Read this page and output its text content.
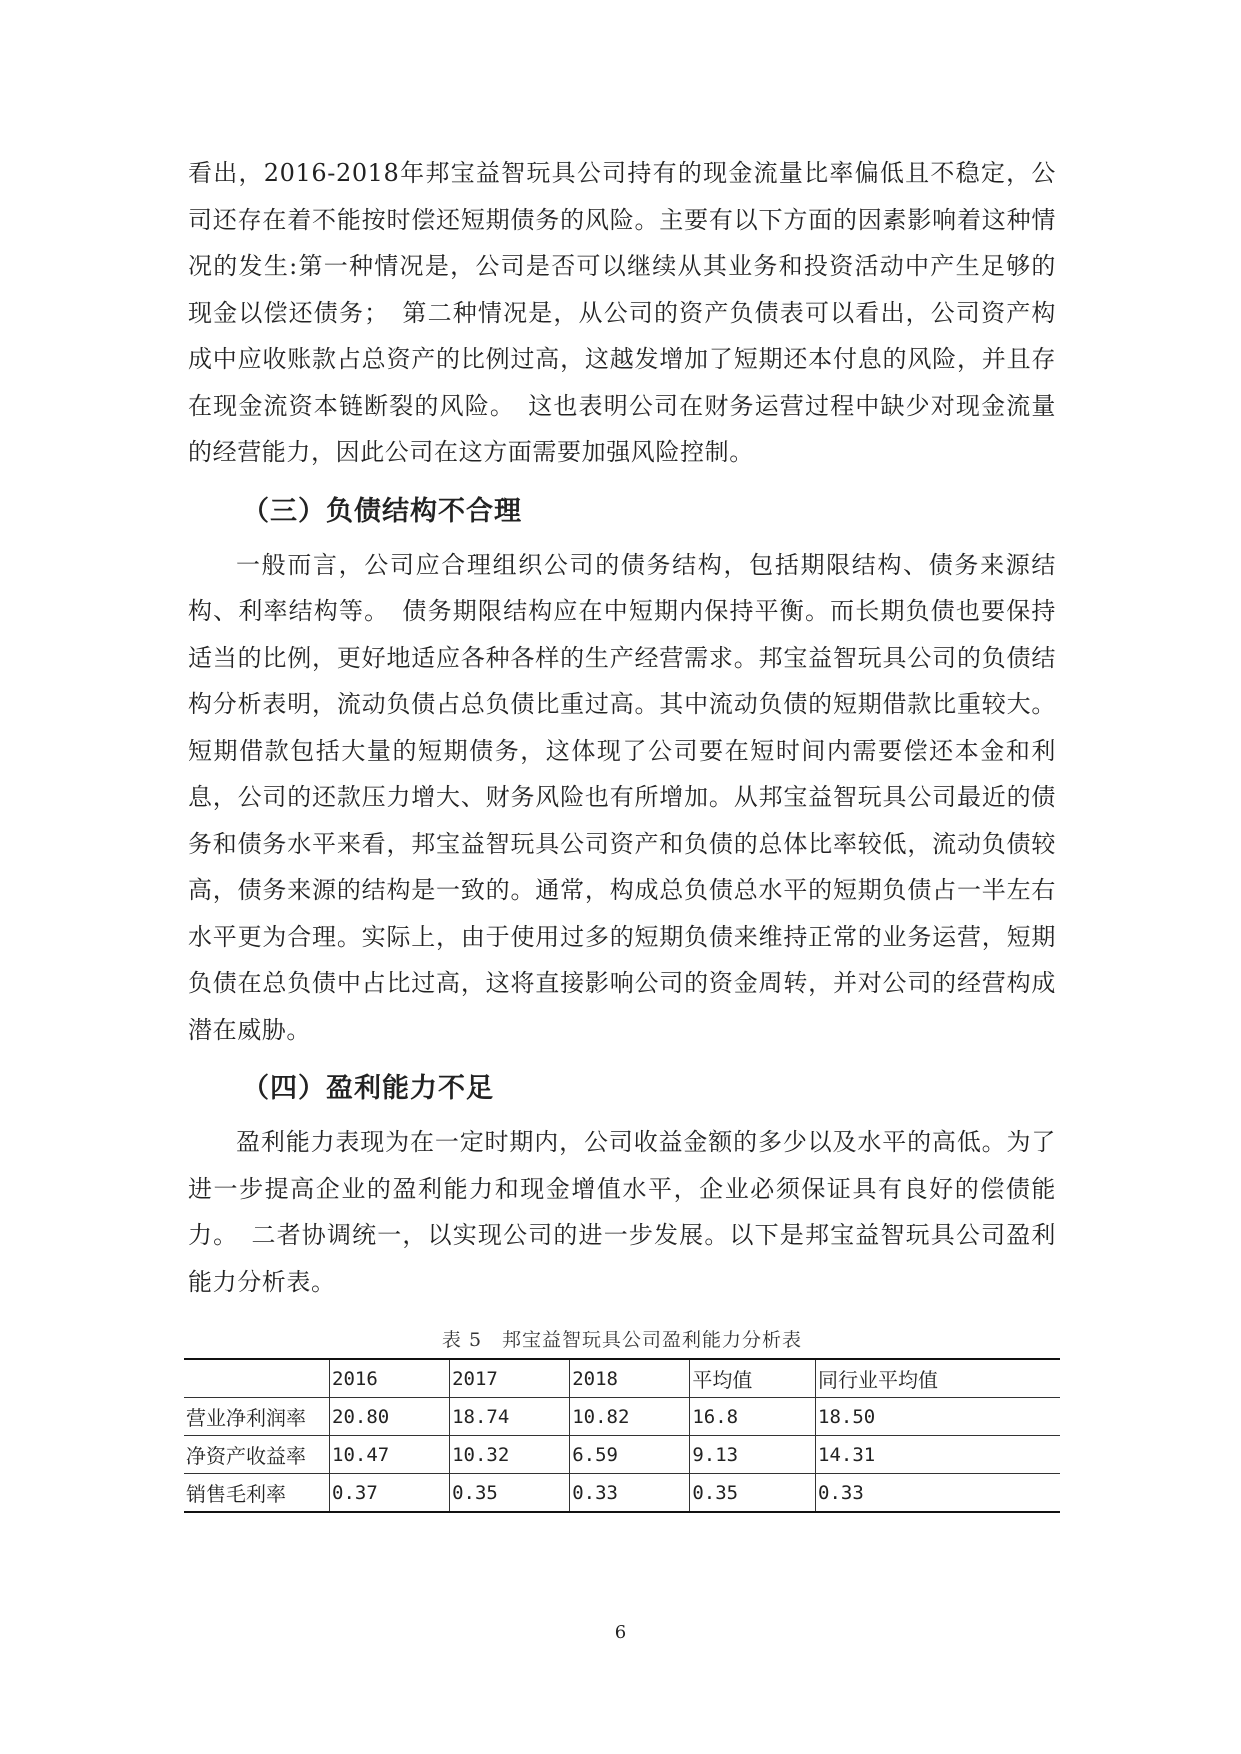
看出，2016-2018年邦宝益智玩具公司持有的现金流量比率偏低且不稳定，公司还存在着不能按时偿还短期债务的风险。主要有以下方面的因素影响着这种情况的发生:第一种情况是，公司是否可以继续从其业务和投资活动中产生足够的现金以偿还债务；　第二种情况是，从公司的资产负债表可以看出，公司资产构成中应收账款占总资产的比例过高，这越发增加了短期还本付息的风险，并且存在现金流资本链断裂的风险。　这也表明公司在财务运营过程中缺少对现金流量的经营能力，因此公司在这方面需要加强风险控制。

（三）负债结构不合理

一般而言，公司应合理组织公司的债务结构，包括期限结构、债务来源结构、利率结构等。　债务期限结构应在中短期内保持平衡。而长期负债也要保持适当的比例，更好地适应各种各样的生产经营需求。邦宝益智玩具公司的负债结构分析表明，流动负债占总负债比重过高。其中流动负债的短期借款比重较大。短期借款包括大量的短期债务，这体现了公司要在短时间内需要偿还本金和利息，公司的还款压力增大、财务风险也有所增加。从邦宝益智玩具公司最近的债务和债务水平来看，邦宝益智玩具公司资产和负债的总体比率较低，流动负债较高，债务来源的结构是一致的。通常，构成总负债总水平的短期负债占一半左右水平更为合理。实际上，由于使用过多的短期负债来维持正常的业务运营，短期负债在总负债中占比过高，这将直接影响公司的资金周转，并对公司的经营构成潜在威胁。

（四）盈利能力不足

盈利能力表现为在一定时期内，公司收益金额的多少以及水平的高低。为了进一步提高企业的盈利能力和现金增值水平，企业必须保证具有良好的偿债能力。　二者协调统一，以实现公司的进一步发展。以下是邦宝益智玩具公司盈利能力分析表。

表 5　邦宝益智玩具公司盈利能力分析表
	2016	2017	2018	平均值	同行业平均值
营业净利润率	20.80	18.74	10.82	16.8	18.50
净资产收益率	10.47	10.32	6.59	9.13	14.31
销售毛利率	0.37	0.35	0.33	0.35	0.33
6
